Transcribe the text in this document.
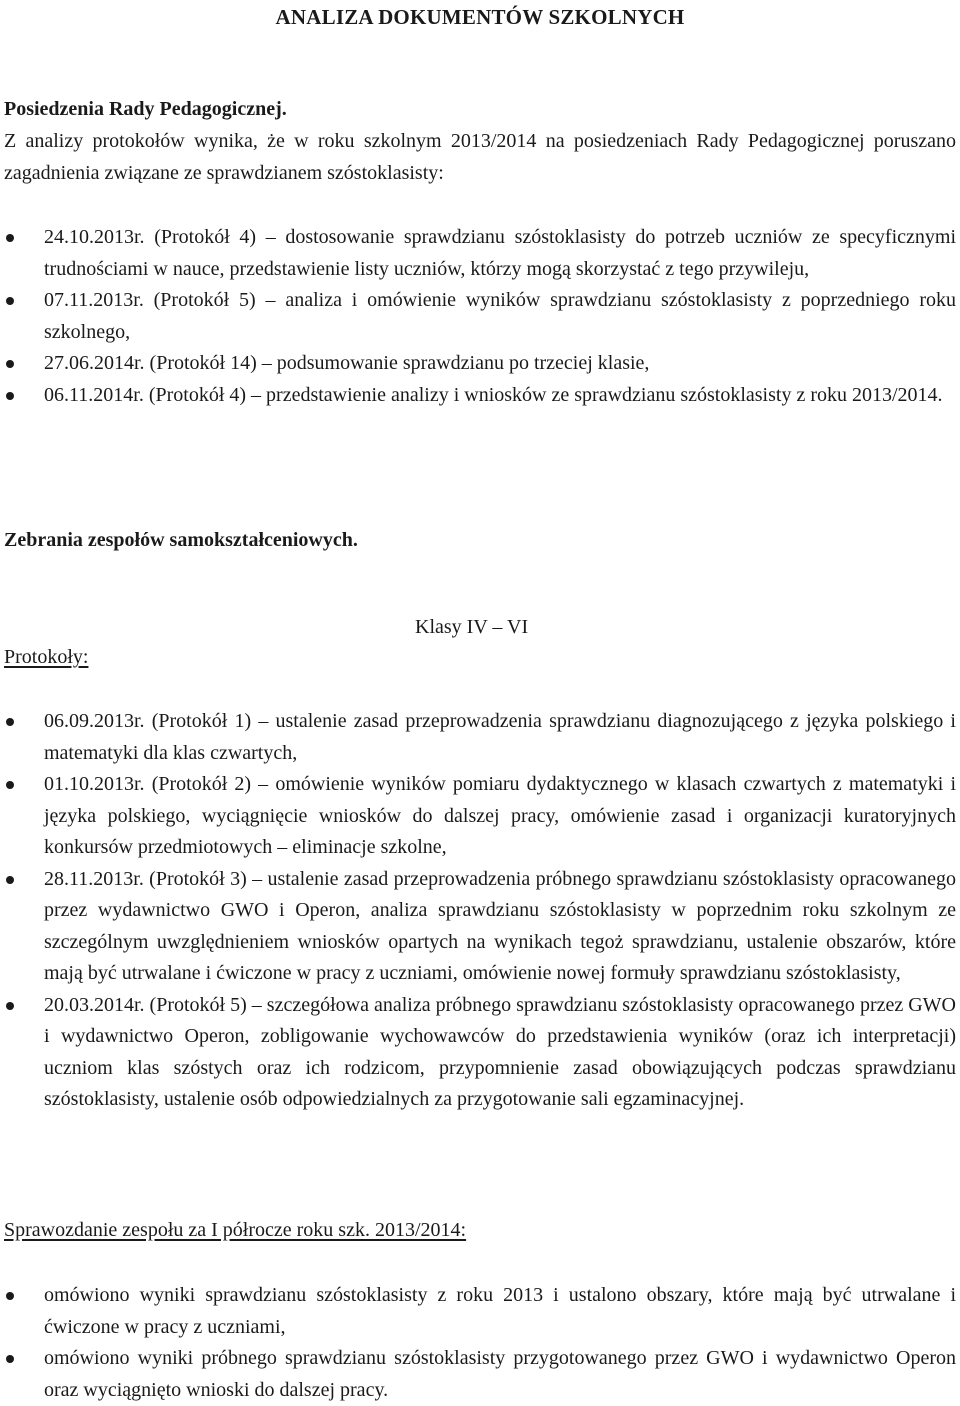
ANALIZA DOKUMENTÓW SZKOLNYCH

Posiedzenia Rady Pedagogicznej.

Z analizy protokołów wynika, że w roku szkolnym 2013/2014 na posiedzeniach Rady Pedagogicznej poruszano zagadnienia związane ze sprawdzianem szóstoklasisty:

24.10.2013r. (Protokół 4) – dostosowanie sprawdzianu szóstoklasisty do potrzeb uczniów ze specyficznymi trudnościami w nauce, przedstawienie listy uczniów, którzy mogą skorzystać z tego przywileju,
07.11.2013r. (Protokół 5) – analiza i omówienie wyników sprawdzianu szóstoklasisty z poprzedniego roku szkolnego,
27.06.2014r. (Protokół 14) – podsumowanie sprawdzianu po trzeciej klasie,
06.11.2014r. (Protokół 4) – przedstawienie analizy i wniosków ze sprawdzianu szóstoklasisty z roku 2013/2014.

Zebrania zespołów samokształceniowych.

Klasy IV – VI

Protokoły:

06.09.2013r. (Protokół 1) – ustalenie zasad przeprowadzenia sprawdzianu diagnozującego z języka polskiego i matematyki dla klas czwartych,
01.10.2013r. (Protokół 2) – omówienie wyników pomiaru dydaktycznego w klasach czwartych z matematyki i języka polskiego, wyciągnięcie wniosków do dalszej pracy, omówienie zasad i organizacji kuratoryjnych konkursów przedmiotowych – eliminacje szkolne,
28.11.2013r. (Protokół 3) – ustalenie zasad przeprowadzenia próbnego sprawdzianu szóstoklasisty opracowanego przez wydawnictwo GWO i Operon, analiza sprawdzianu szóstoklasisty w poprzednim roku szkolnym ze szczególnym uwzględnieniem wniosków opartych na wynikach tegoż sprawdzianu, ustalenie obszarów, które mają być utrwalane i ćwiczone w pracy z uczniami, omówienie nowej formuły sprawdzianu szóstoklasisty,
20.03.2014r. (Protokół 5) – szczegółowa analiza próbnego sprawdzianu szóstoklasisty opracowanego przez GWO i wydawnictwo Operon, zobligowanie wychowawców do przedstawienia wyników (oraz ich interpretacji) uczniom klas szóstych oraz ich rodzicom, przypomnienie zasad obowiązujących podczas sprawdzianu szóstoklasisty, ustalenie osób odpowiedzialnych za przygotowanie sali egzaminacyjnej.

Sprawozdanie zespołu za I półrocze roku szk. 2013/2014:

omówiono wyniki sprawdzianu szóstoklasisty z roku 2013 i ustalono obszary, które mają być utrwalane i ćwiczone w pracy z uczniami,
omówiono wyniki próbnego sprawdzianu szóstoklasisty przygotowanego przez GWO i wydawnictwo Operon oraz wyciągnięto wnioski do dalszej pracy.
